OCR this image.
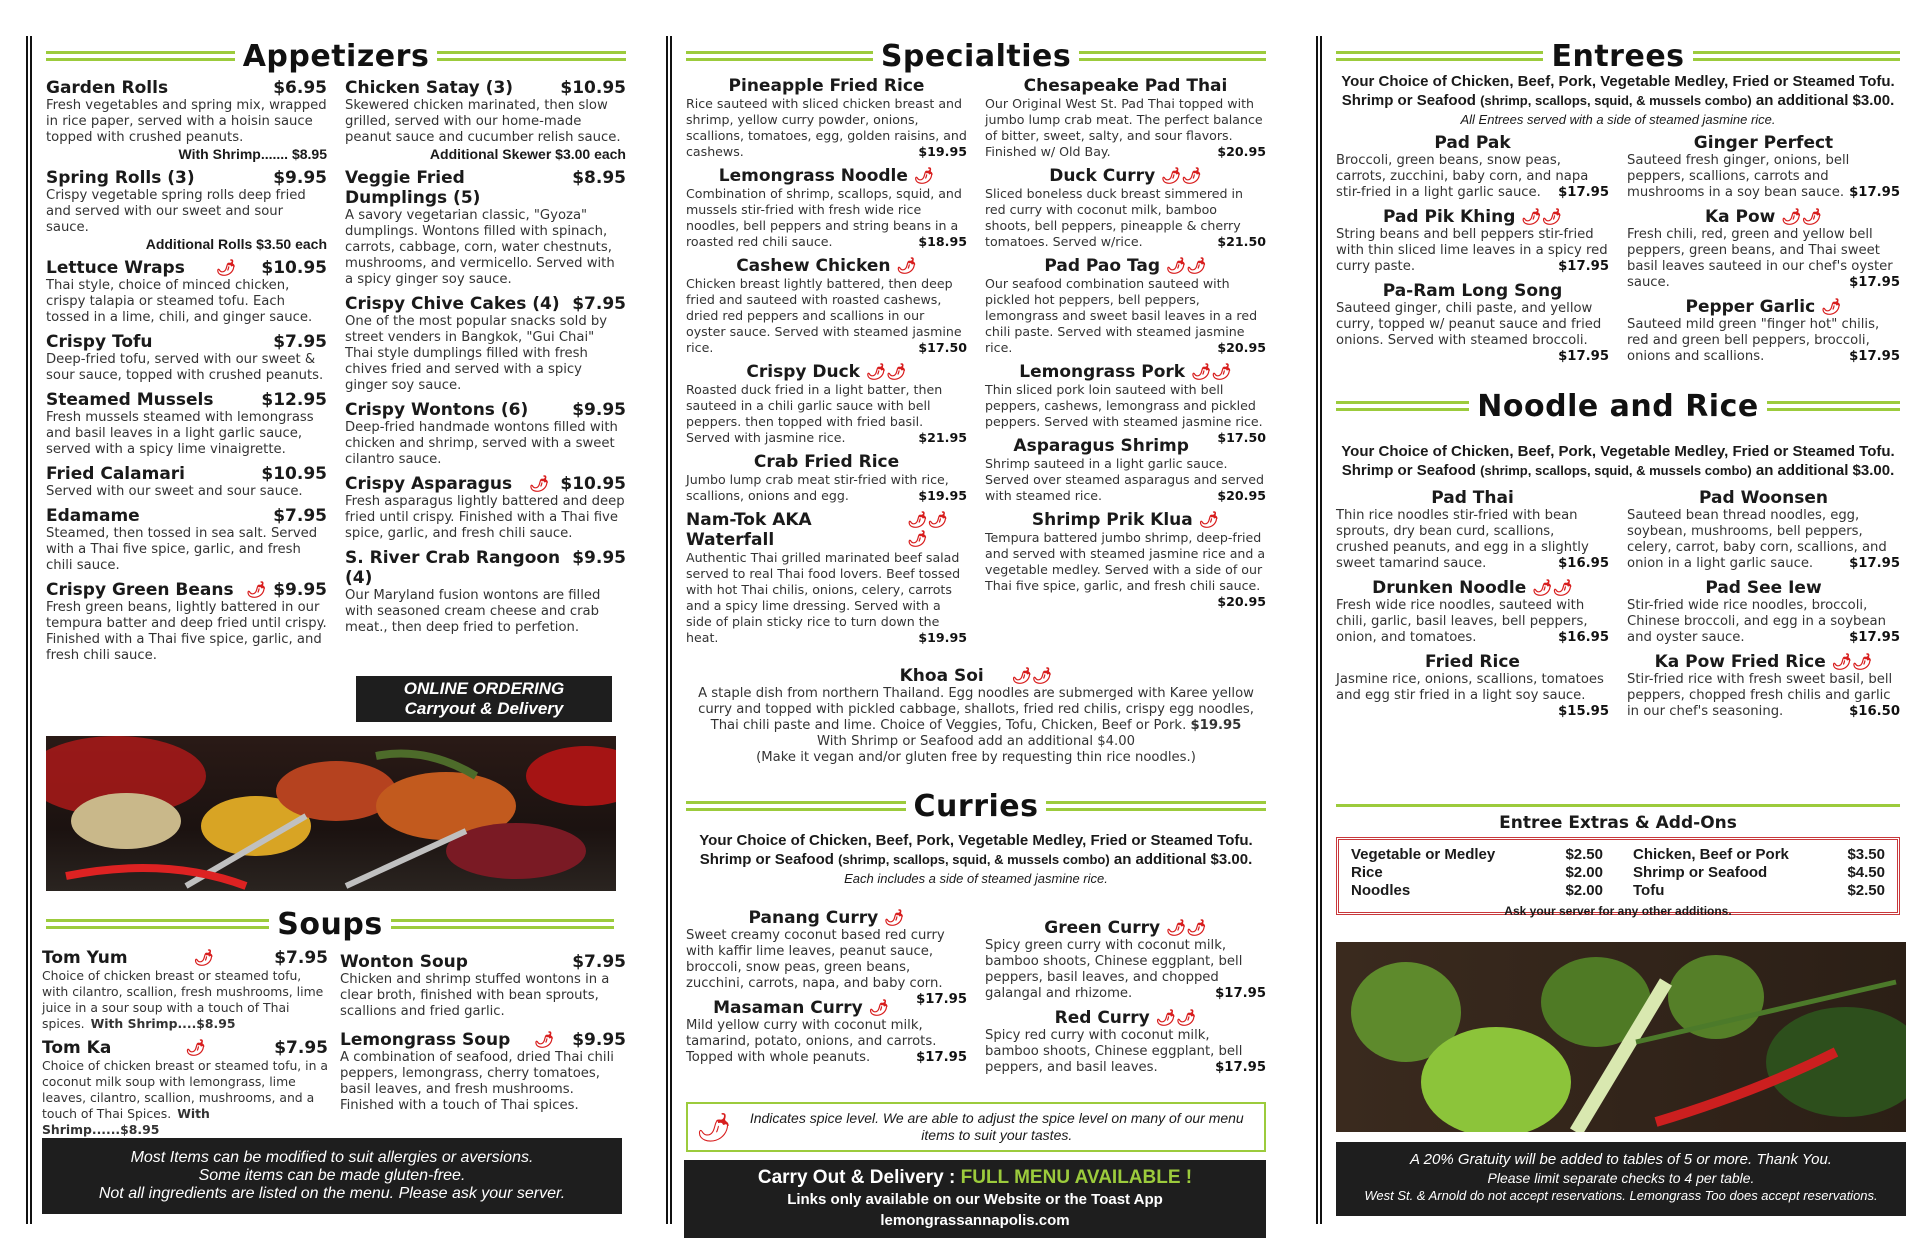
Appetizers
Garden Rolls	$6.95
Fresh vegetables and spring mix, wrapped in rice paper, served with a hoisin sauce topped with crushed peanuts.
With Shrimp....... $8.95
Spring Rolls (3)	$9.95
Crispy vegetable spring rolls deep fried and served with our sweet and sour sauce.
Additional Rolls $3.50 each
Lettuce Wraps 🌶 $10.95
Thai style, choice of minced chicken, crispy talapia or steamed tofu. Each tossed in a lime, chili, and ginger sauce.
Crispy Tofu	$7.95
Deep-fried tofu, served with our sweet & sour sauce, topped with crushed peanuts.
Steamed Mussels	$12.95
Fresh mussels steamed with lemongrass and basil leaves in a light garlic sauce, served with a spicy lime vinaigrette.
Fried Calamari	$10.95
Served with our sweet and sour sauce.
Edamame	$7.95
Steamed, then tossed in sea salt. Served with a Thai five spice, garlic, and fresh chili sauce.
Crispy Green Beans 🌶 $9.95
Fresh green beans, lightly battered in our tempura batter and deep fried until crispy. Finished with a Thai five spice, garlic, and fresh chili sauce.
Chicken Satay (3)	$10.95
Skewered chicken marinated, then slow grilled, served with our home-made peanut sauce and cucumber relish sauce.
Additional Skewer $3.00 each
Veggie Fried Dumplings (5)
$8.95
A savory vegetarian classic, "Gyoza" dumplings. Wontons filled with spinach, carrots, cabbage, corn, water chestnuts, mushrooms, and vermicello. Served with a spicy ginger soy sauce.
Crispy Chive Cakes (4) $7.95
One of the most popular snacks sold by street venders in Bangkok, "Gui Chai" Thai style dumplings filled with fresh chives fried and served with a spicy ginger soy sauce.
Crispy Wontons (6)	$9.95
Deep-fried handmade wontons filled with chicken and shrimp, served with a sweet cilantro sauce.
Crispy Asparagus 🌶 $10.95
Fresh asparagus lightly battered and deep fried until crispy. Finished with a Thai five spice, garlic, and fresh chili sauce.
S. River Crab Rangoon (4)
$9.95
Our Maryland fusion wontons are filled with seasoned cream cheese and crab meat., then deep fried to perfetion.
ONLINE ORDERING
Carryout & Delivery
Soups
Tom Yum	🌶	$7.95
Choice of chicken breast or steamed tofu, with cilantro, scallion, fresh mushrooms, lime juice in a sour soup with a touch of Thai spices. With Shrimp....$8.95
Tom Ka	🌶	$7.95
Choice of chicken breast or steamed tofu, in a coconut milk soup with lemongrass, lime leaves, cilantro, scallion, mushrooms, and a touch of Thai Spices. With Shrimp......$8.95
Wonton Soup	$7.95
Chicken and shrimp stuffed wontons in a clear broth, finished with bean sprouts, scallions and fried garlic.
Lemongrass Soup 🌶 $9.95
A combination of seafood, dried Thai chili peppers, lemongrass, cherry tomatoes, basil leaves, and fresh mushrooms. Finished with a touch of Thai spices.
Most Items can be modified to suit allergies or aversions.
Some items can be made gluten-free.
Not all ingredients are listed on the menu. Please ask your server.
Specialties
Pineapple Fried Rice
Rice sauteed with sliced chicken breast and shrimp, yellow curry powder, onions, scallions, tomatoes, egg, golden raisins, and cashews.	$19.95
Lemongrass Noodle 🌶
Combination of shrimp, scallops, squid, and mussels stir-fried with fresh wide rice noodles, bell peppers and string beans in a roasted red chili sauce.	$18.95
Cashew Chicken 🌶
Chicken breast lightly battered, then deep fried and sauteed with roasted cashews, dried red peppers and scallions in our oyster sauce. Served with steamed jasmine rice.	$17.50
Crispy Duck 🌶🌶
Roasted duck fried in a light batter, then sauteed in a chili garlic sauce with bell peppers. then topped with fried basil. Served with jasmine rice.	$21.95
Crab Fried Rice
Jumbo lump crab meat stir-fried with rice, scallions, onions and egg.	$19.95
Nam-Tok AKA Waterfall
🌶🌶🌶
Authentic Thai grilled marinated beef salad served to real Thai food lovers. Beef tossed with hot Thai chilis, onions, celery, carrots and a spicy lime dressing. Served with a side of plain sticky rice to turn down the heat.	$19.95
Chesapeake Pad Thai
Our Original West St. Pad Thai topped with jumbo lump crab meat. The perfect balance of bitter, sweet, salty, and sour flavors. Finished w/ Old Bay.	$20.95
Duck Curry 🌶🌶
Sliced boneless duck breast simmered in red curry with coconut milk, bamboo shoots, bell peppers, pineapple & cherry tomatoes. Served w/rice.	$21.50
Pad Pao Tag 🌶🌶
Our seafood combination sauteed with pickled hot peppers, bell peppers, lemongrass and sweet basil leaves in a red chili paste. Served with steamed jasmine rice.	$20.95
Lemongrass Pork 🌶🌶
Thin sliced pork loin sauteed with bell peppers, cashews, lemongrass and pickled peppers. Served with steamed jasmine rice.
$17.50
Asparagus Shrimp
Shrimp sauteed in a light garlic sauce. Served over steamed asparagus and served with steamed rice.	$20.95
Shrimp Prik Klua 🌶
Tempura battered jumbo shrimp, deep-fried and served with steamed jasmine rice and a vegetable medley. Served with a side of our Thai five spice, garlic, and fresh chili sauce.
$20.95
Khoa Soi 🌶🌶
A staple dish from northern Thailand. Egg noodles are submerged with Karee yellow curry and topped with pickled cabbage, shallots, fried red chilis, crispy egg noodles, Thai chili paste and lime. Choice of Veggies, Tofu, Chicken, Beef or Pork. $19.95
With Shrimp or Seafood add an additional $4.00
(Make it vegan and/or gluten free by requesting thin rice noodles.)
Curries
Your Choice of Chicken, Beef, Pork, Vegetable Medley, Fried or Steamed Tofu.
Shrimp or Seafood (shrimp, scallops, squid, & mussels combo) an additional $3.00.
Each includes a side of steamed jasmine rice.
Panang Curry 🌶
Sweet creamy coconut based red curry with kaffir lime leaves, peanut sauce, broccoli, snow peas, green beans, zucchini, carrots, napa, and baby corn.
$17.95
Masaman Curry 🌶
Mild yellow curry with coconut milk, tamarind, potato, onions, and carrots. Topped with whole peanuts.	$17.95
Green Curry 🌶🌶
Spicy green curry with coconut milk, bamboo shoots, Chinese eggplant, bell peppers, basil leaves, and chopped galangal and rhizome.	$17.95
Red Curry 🌶🌶
Spicy red curry with coconut milk, bamboo shoots, Chinese eggplant, bell peppers, and basil leaves.	$17.95
🌶	Indicates spice level. We are able to adjust the spice level on many of our menu items to suit your tastes.
Carry Out & Delivery : FULL MENU AVAILABLE !
Links only available on our Website or the Toast App
lemongrassannapolis.com
Entrees
Your Choice of Chicken, Beef, Pork, Vegetable Medley, Fried or Steamed Tofu.
Shrimp or Seafood (shrimp, scallops, squid, & mussels combo) an additional $3.00.
All Entrees served with a side of steamed jasmine rice.
Pad Pak
Broccoli, green beans, snow peas, carrots, zucchini, baby corn, and napa stir-fried in a light garlic sauce. $17.95
Pad Pik Khing 🌶🌶
String beans and bell peppers stir-fried with thin sliced lime leaves in a spicy red curry paste.	$17.95
Pa-Ram Long Song
Sauteed ginger, chili paste, and yellow curry, topped w/ peanut sauce and fried onions. Served with steamed broccoli.
$17.95
Ginger Perfect
Sauteed fresh ginger, onions, bell peppers, scallions, carrots and mushrooms in a soy bean sauce. $17.95
Ka Pow 🌶🌶
Fresh chili, red, green and yellow bell peppers, green beans, and Thai sweet basil leaves sauteed in our chef's oyster sauce.	$17.95
Pepper Garlic 🌶
Sauteed mild green "finger hot" chilis, red and green bell peppers, broccoli, onions and scallions.	$17.95
Noodle and Rice
Your Choice of Chicken, Beef, Pork, Vegetable Medley, Fried or Steamed Tofu.
Shrimp or Seafood (shrimp, scallops, squid, & mussels combo) an additional $3.00.
Pad Thai
Thin rice noodles stir-fried with bean sprouts, dry bean curd, scallions, crushed peanuts, and egg in a slightly sweet tamarind sauce.	$16.95
Drunken Noodle 🌶🌶
Fresh wide rice noodles, sauteed with chili, garlic, basil leaves, bell peppers, onion, and tomatoes.	$16.95
Fried Rice
Jasmine rice, onions, scallions, tomatoes and egg stir fried in a light soy sauce.
$15.95
Pad Woonsen
Sauteed bean thread noodles, egg, soybean, mushrooms, bell peppers, celery, carrot, baby corn, scallions, and onion in a light garlic sauce.	$17.95
Pad See Iew
Stir-fried wide rice noodles, broccoli, Chinese broccoli, and egg in a soybean and oyster sauce.	$17.95
Ka Pow Fried Rice 🌶🌶
Stir-fried rice with fresh sweet basil, bell peppers, chopped fresh chilis and garlic in our chef's seasoning.	$16.50
Entree Extras & Add-Ons
Vegetable or Medley	$2.50
Rice	$2.00
Noodles	$2.00
Chicken, Beef or Pork	$3.50
Shrimp or Seafood	$4.50
Tofu	$2.50
Ask your server for any other additions.
A 20% Gratuity will be added to tables of 5 or more. Thank You.
Please limit separate checks to 4 per table.
West St. & Arnold do not accept reservations. Lemongrass Too does accept reservations.
